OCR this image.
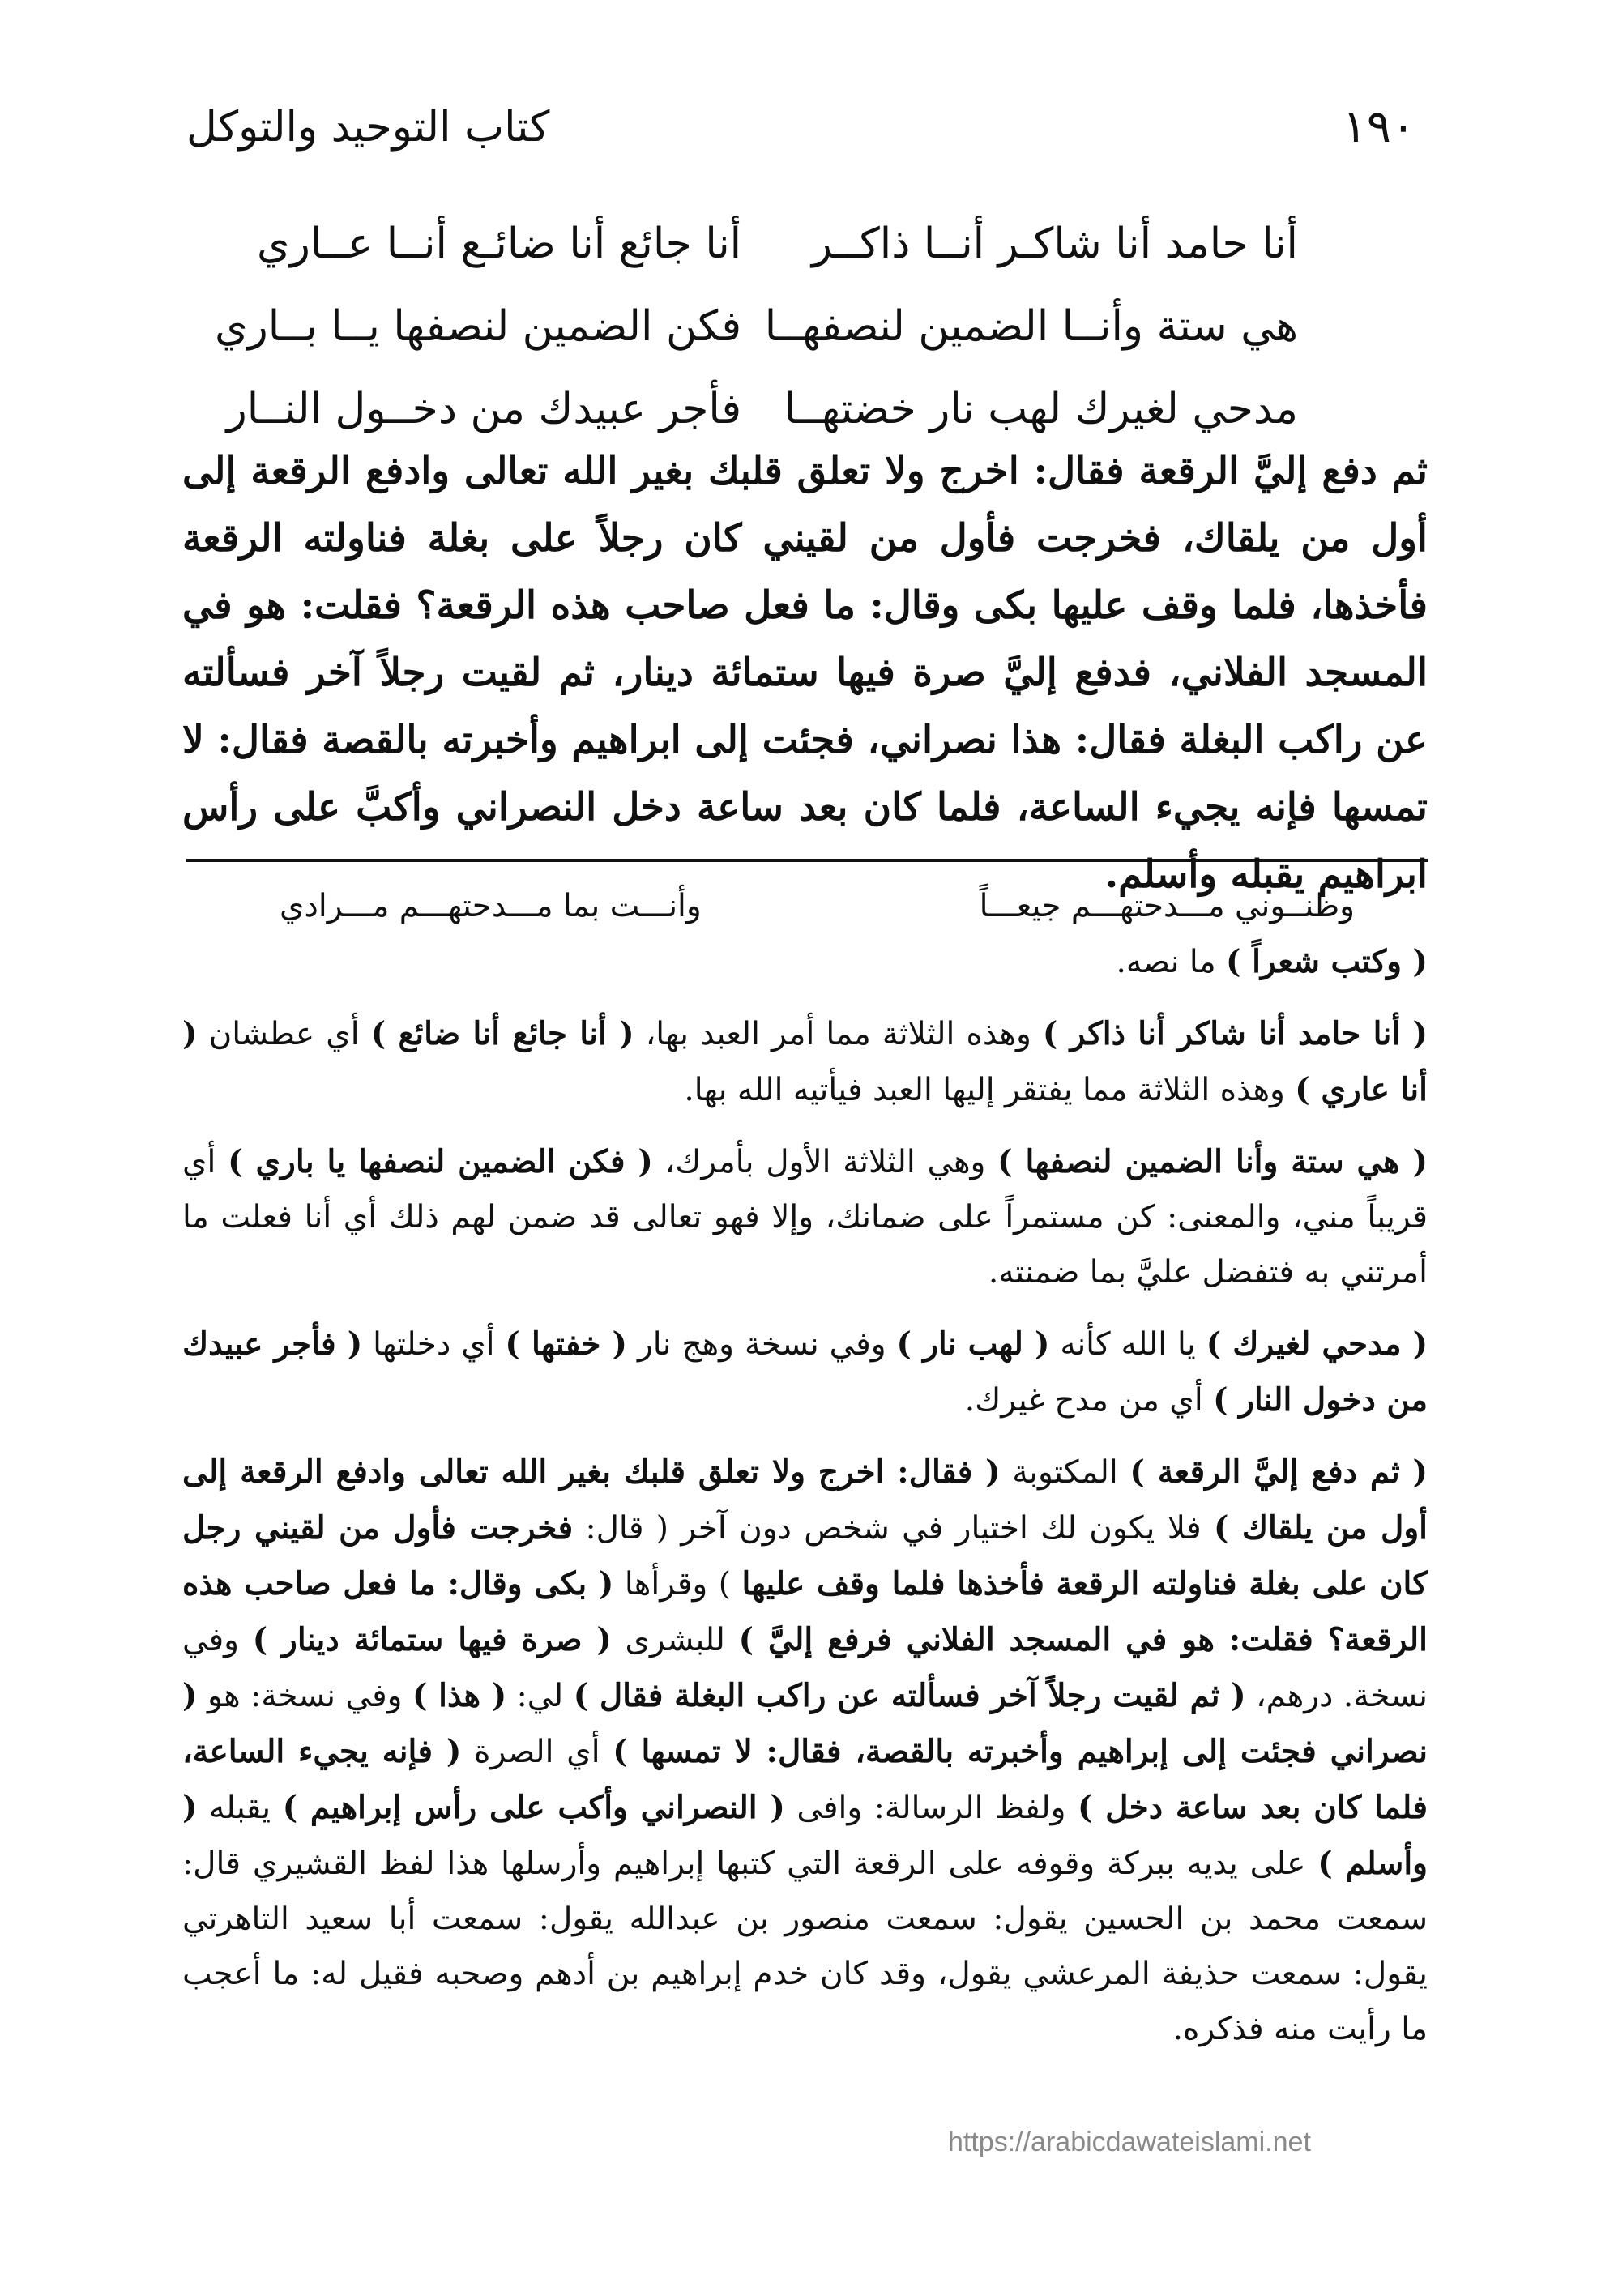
١٩٠
كتاب التوحيد والتوكل
أنا حامد أنا شاكـر أنــا ذاكــر
أنا جائع أنا ضائـع أنــا عــاري
هي ستة وأنــا الضمين لنصفهــا
فكن الضمين لنصفها يــا بــاري
مدحي لغيرك لهب نار خضتهــا
فأجر عبيدك من دخــول النــار

ثم دفع إليَّ الرقعة فقال: اخرج ولا تعلق قلبك بغير الله تعالى وادفع الرقعة إلى أول من يلقاك، فخرجت فأول من لقيني كان رجلاً على بغلة فناولته الرقعة فأخذها، فلما وقف عليها بكى وقال: ما فعل صاحب هذه الرقعة؟ فقلت: هو في المسجد الفلاني، فدفع إليَّ صرة فيها ستمائة دينار، ثم لقيت رجلاً آخر فسألته عن راكب البغلة فقال: هذا نصراني، فجئت إلى ابراهيم وأخبرته بالقصة فقال: لا تمسها فإنه يجيء الساعة، فلما كان بعد ساعة دخل النصراني وأكبَّ على رأس ابراهيم يقبله وأسلم.

وظنــوني مـــدحتهـــم جيعـــاً
وأنـــت بما مـــدحتهـــم مـــرادي

( وكتب شعراً ) ما نصه.

( أنا حامد أنا شاكر أنا ذاكر ) وهذه الثلاثة مما أمر العبد بها، ( أنا جائع أنا ضائع ) أي عطشان ( أنا عاري ) وهذه الثلاثة مما يفتقر إليها العبد فيأتيه الله بها.

( هي ستة وأنا الضمين لنصفها ) وهي الثلاثة الأول بأمرك، ( فكن الضمين لنصفها يا باري ) أي قريباً مني، والمعنى: كن مستمراً على ضمانك، وإلا فهو تعالى قد ضمن لهم ذلك أي أنا فعلت ما أمرتني به فتفضل عليَّ بما ضمنته.

( مدحي لغيرك ) يا الله كأنه ( لهب نار ) وفي نسخة وهج نار ( خفتها ) أي دخلتها ( فأجر عبيدك من دخول النار ) أي من مدح غيرك.

( ثم دفع إليَّ الرقعة ) المكتوبة ( فقال: اخرج ولا تعلق قلبك بغير الله تعالى وادفع الرقعة إلى أول من يلقاك ) فلا يكون لك اختيار في شخص دون آخر ( قال: فخرجت فأول من لقيني رجل كان على بغلة فناولته الرقعة فأخذها فلما وقف عليها ) وقرأها ( بكى وقال: ما فعل صاحب هذه الرقعة؟ فقلت: هو في المسجد الفلاني فرفع إليَّ ) للبشرى ( صرة فيها ستمائة دينار ) وفي نسخة. درهم، ( ثم لقيت رجلاً آخر فسألته عن راكب البغلة فقال ) لي: ( هذا ) وفي نسخة: هو ( نصراني فجئت إلى إبراهيم وأخبرته بالقصة، فقال: لا تمسها ) أي الصرة ( فإنه يجيء الساعة، فلما كان بعد ساعة دخل ) ولفظ الرسالة: وافى ( النصراني وأكب على رأس إبراهيم ) يقبله ( وأسلم ) على يديه ببركة وقوفه على الرقعة التي كتبها إبراهيم وأرسلها هذا لفظ القشيري قال: سمعت محمد بن الحسين يقول: سمعت منصور بن عبدالله يقول: سمعت أبا سعيد التاهرتي يقول: سمعت حذيفة المرعشي يقول، وقد كان خدم إبراهيم بن أدهم وصحبه فقيل له: ما أعجب ما رأيت منه فذكره.

https://arabicdawateislami.net
